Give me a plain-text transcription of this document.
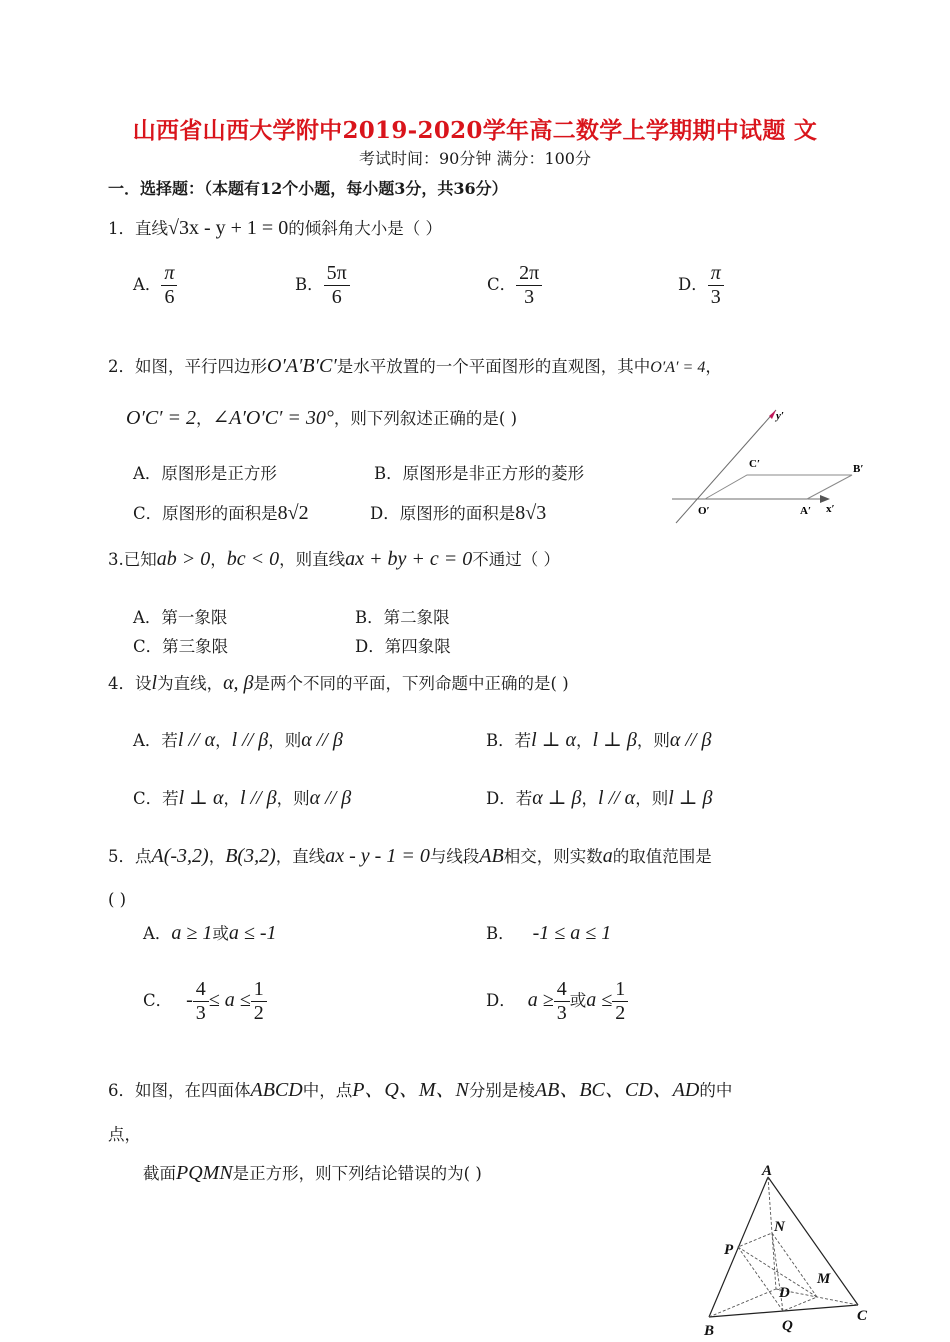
山西省山西大学附中2019-2020学年高二数学上学期期中试题 文
考试时间：90分钟 满分：100分
一．选择题：（本题有12个小题，每小题3分，共36分）
1．直线√3x - y + 1 = 0的倾斜角大小是（ ）
A． $\frac{\pi}{6}$	B． $\frac{5\pi}{6}$	C． $\frac{2\pi}{3}$	D． $\frac{\pi}{3}$
2．如图，平行四边形O′A′B′C′是水平放置的一个平面图形的直观图，其中O′A′ = 4，
O′C′ = 2，∠A′O′C′ = 30°，则下列叙述正确的是( )
A．原图形是正方形	B．原图形是非正方形的菱形
C．原图形的面积是8√2	D．原图形的面积是8√3
y′
C′	B′
O′	A′ x′
3.已知ab > 0，bc < 0，则直线ax + by + c = 0不通过（ ）
A．第一象限	B．第二象限
C．第三象限	D．第四象限
4．设l为直线，α, β是两个不同的平面，下列命题中正确的是( )
A．若l // α，l // β，则α // β	B．若l ⊥ α，l ⊥ β，则α // β
C．若l ⊥ α，l // β，则α // β	D．若α ⊥ β，l // α，则l ⊥ β
5．点A(-3,2)，B(3,2)，直线ax - y - 1 = 0与线段AB相交，则实数a的取值范围是
( )
A．a ≥ 1或a ≤ -1	B． -1 ≤ a ≤ 1
C． - $\frac{4}{3} \le a \le \frac{1}{2}$	D． $a \ge \frac{4}{3}$ 或$a \le \frac{1}{2}$
6．如图，在四面体ABCD中，点P、Q、M、N分别是棱AB、BC、CD、AD的中
点，
截面PQMN是正方形，则下列结论错误的为( )	A
N
P
M
D
C
B	Q
